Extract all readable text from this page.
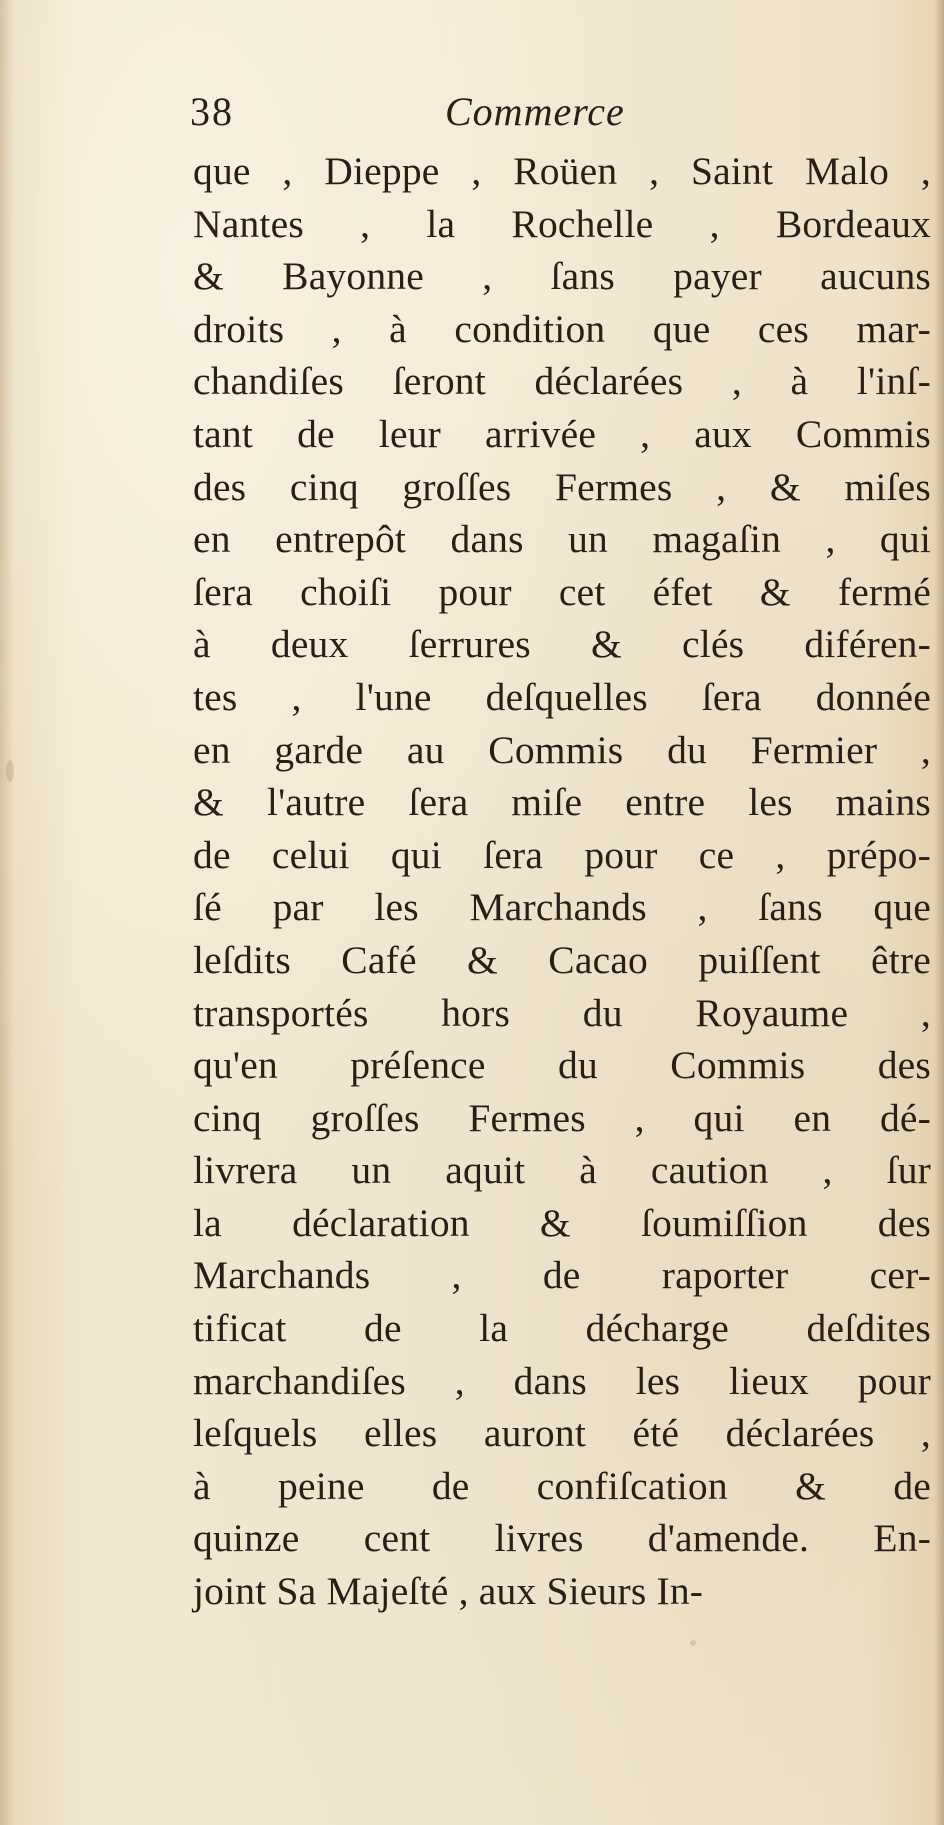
38	Commerce
que , Dieppe , Roüen , Saint Malo ,
Nantes , la Rochelle , Bordeaux
& Bayonne , ſans payer aucuns
droits , à condition que ces mar-
chandiſes ſeront déclarées , à l'inſ-
tant de leur arrivée , aux Commis
des cinq groſſes Fermes , & miſes
en entrepôt dans un magaſin , qui
ſera choiſi pour cet éfet & fermé
à deux ſerrures & clés diféren-
tes , l'une deſquelles ſera donnée
en garde au Commis du Fermier ,
& l'autre ſera miſe entre les mains
de celui qui ſera pour ce , prépo-
ſé par les Marchands , ſans que
leſdits Café & Cacao puiſſent être
transportés hors du Royaume ,
qu'en préſence du Commis des
cinq groſſes Fermes , qui en dé-
livrera un aquit à caution , ſur
la déclaration & ſoumiſſion des
Marchands , de raporter cer-
tificat de la décharge deſdites
marchandiſes , dans les lieux pour
leſquels elles auront été déclarées ,
à peine de confiſcation & de
quinze cent livres d'amende. En-
joint Sa Majeſté , aux Sieurs In-
